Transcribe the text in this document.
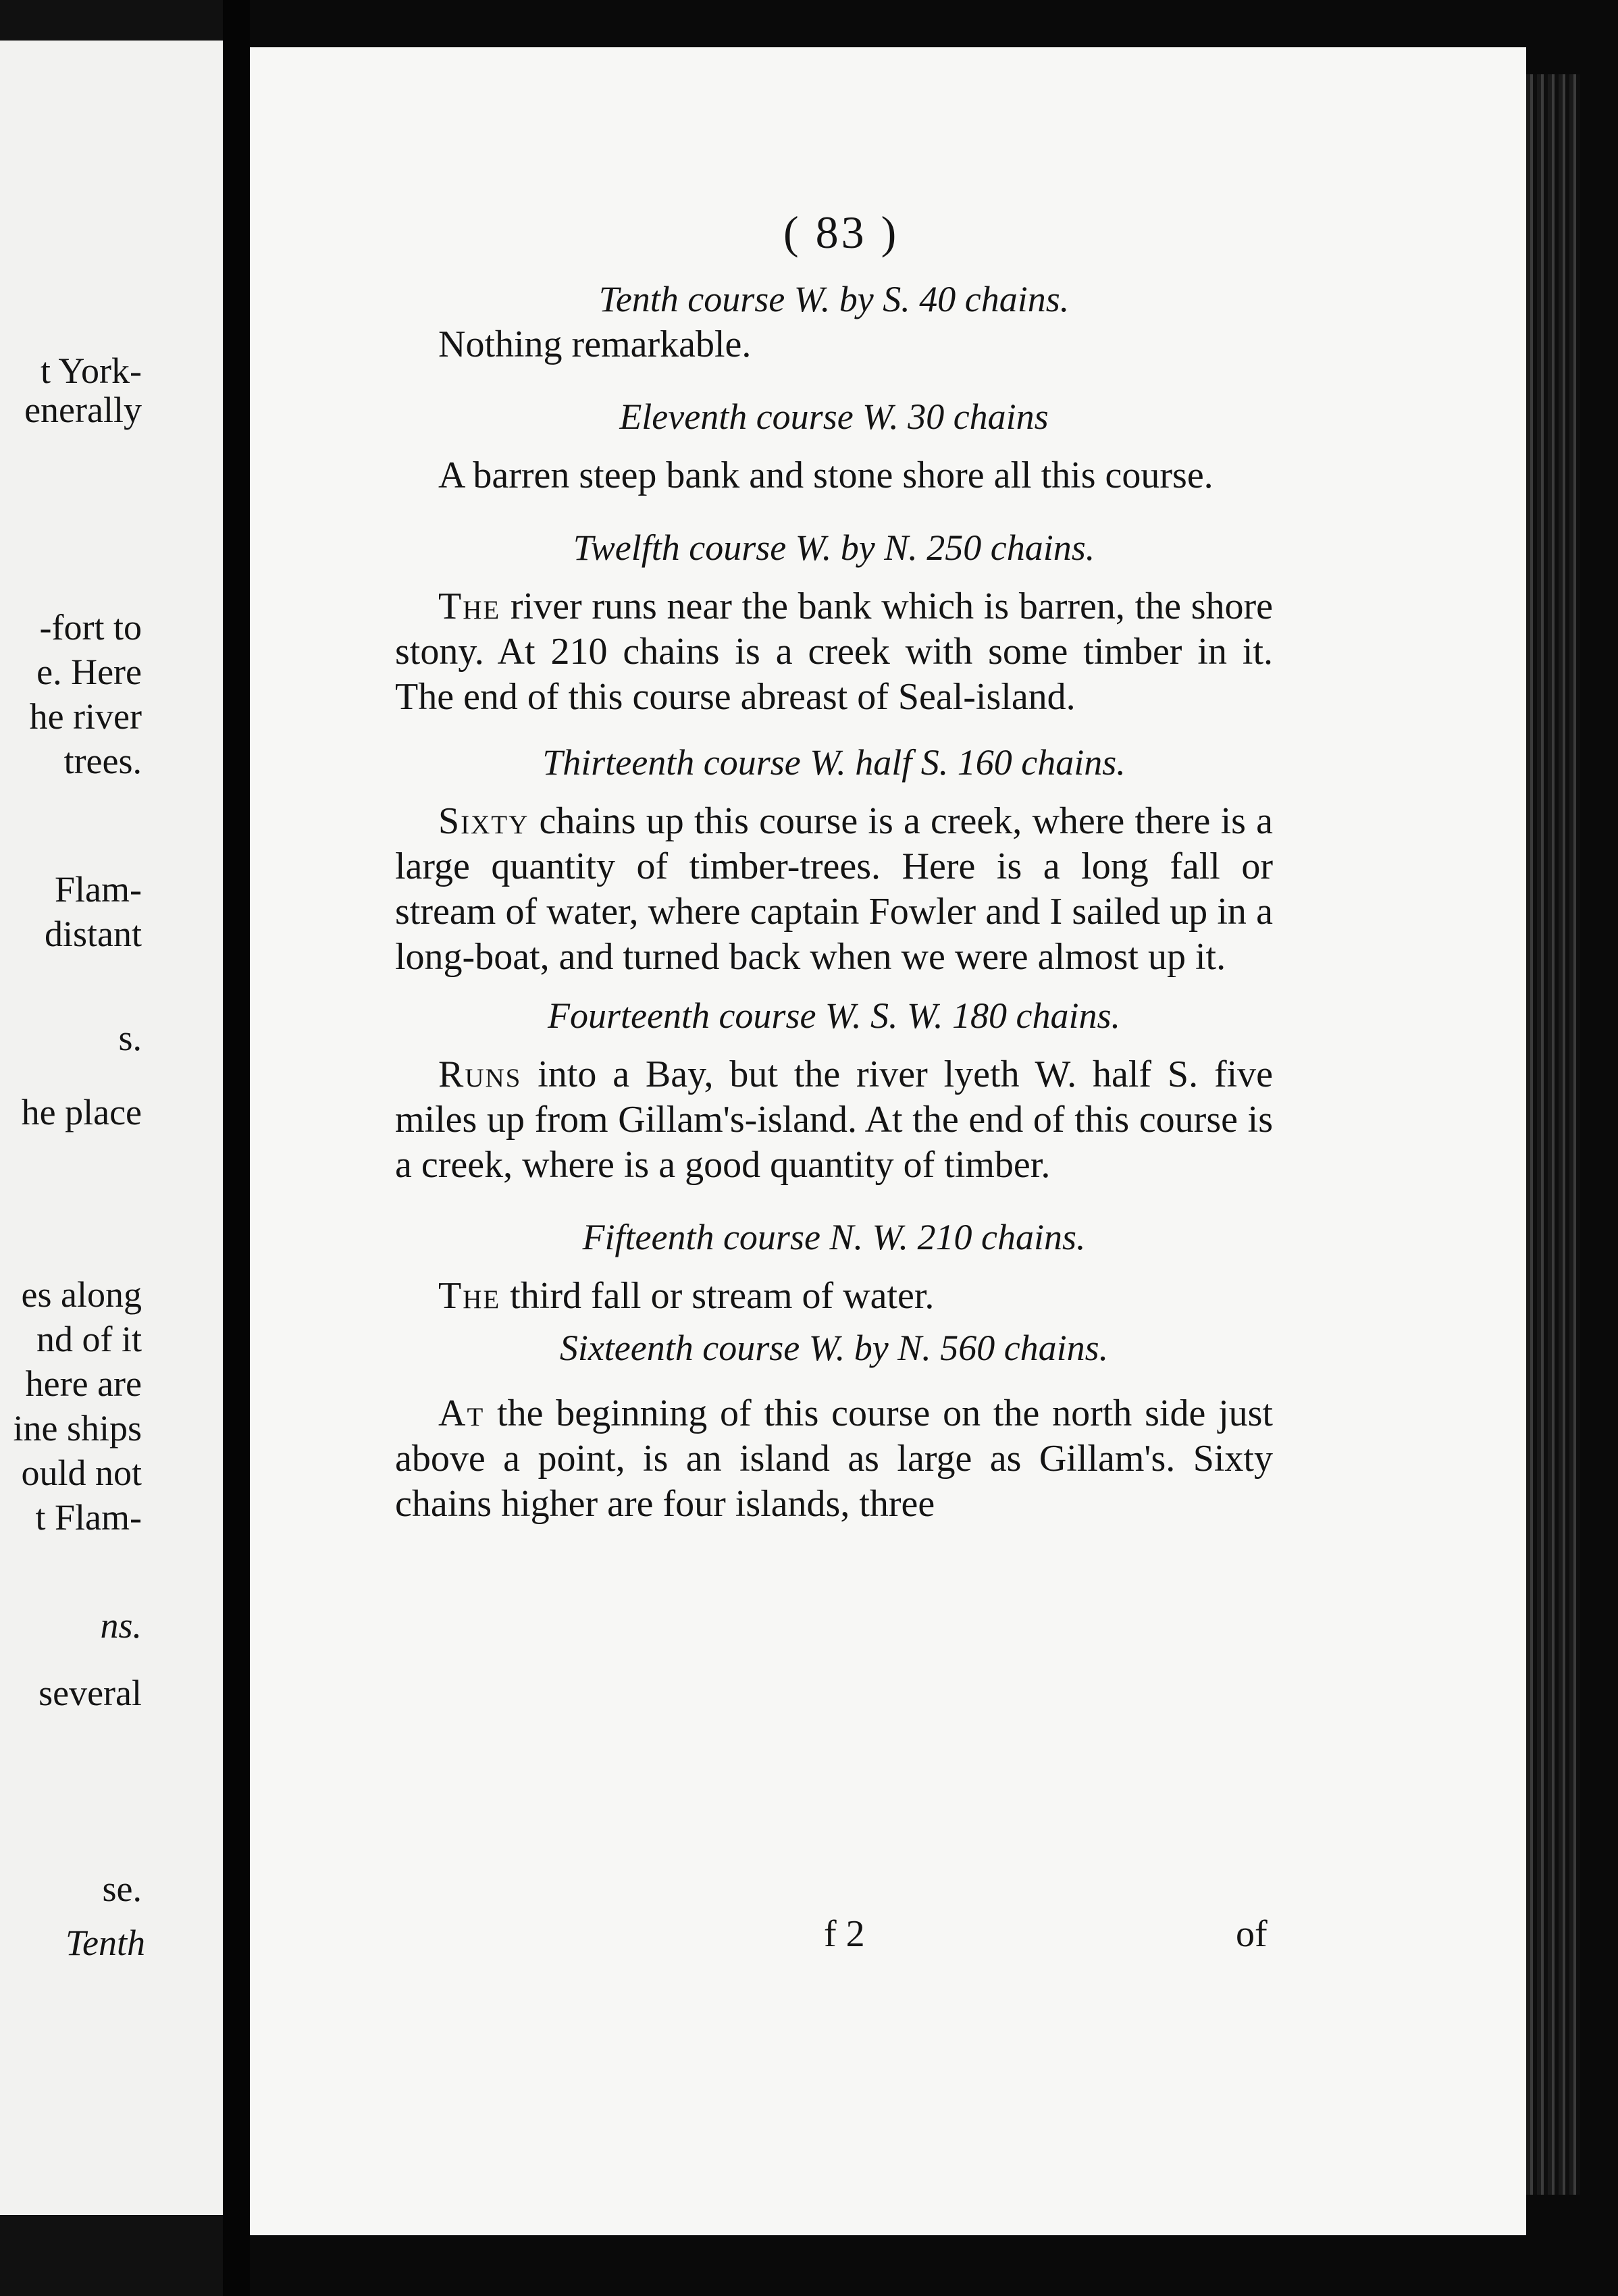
t York-
enerally
-fort to
e. Here
he river
trees.
Flam-
distant
s.
he place
es along
nd of it
here are
ine ships
ould not
t Flam-
ns.
several
se.
Tenth
( 83 )

Tenth course W. by S. 40 chains.

Nothing remarkable.

Eleventh course W. 30 chains

A barren steep bank and stone shore all this course.

Twelfth course W. by N. 250 chains.

The river runs near the bank which is barren, the shore stony. At 210 chains is a creek with some timber in it. The end of this course abreast of Seal-island.

Thirteenth course W. half S. 160 chains.

Sixty chains up this course is a creek, where there is a large quantity of timber-trees. Here is a long fall or stream of water, where captain Fowler and I sailed up in a long-boat, and turned back when we were almost up it.

Fourteenth course W. S. W. 180 chains.

Runs into a Bay, but the river lyeth W. half S. five miles up from Gillam's-island. At the end of this course is a creek, where is a good quantity of timber.

Fifteenth course N. W. 210 chains.

The third fall or stream of water.

Sixteenth course W. by N. 560 chains.

At the beginning of this course on the north side just above a point, is an island as large as Gillam's. Sixty chains higher are four islands, three

f 2	of
